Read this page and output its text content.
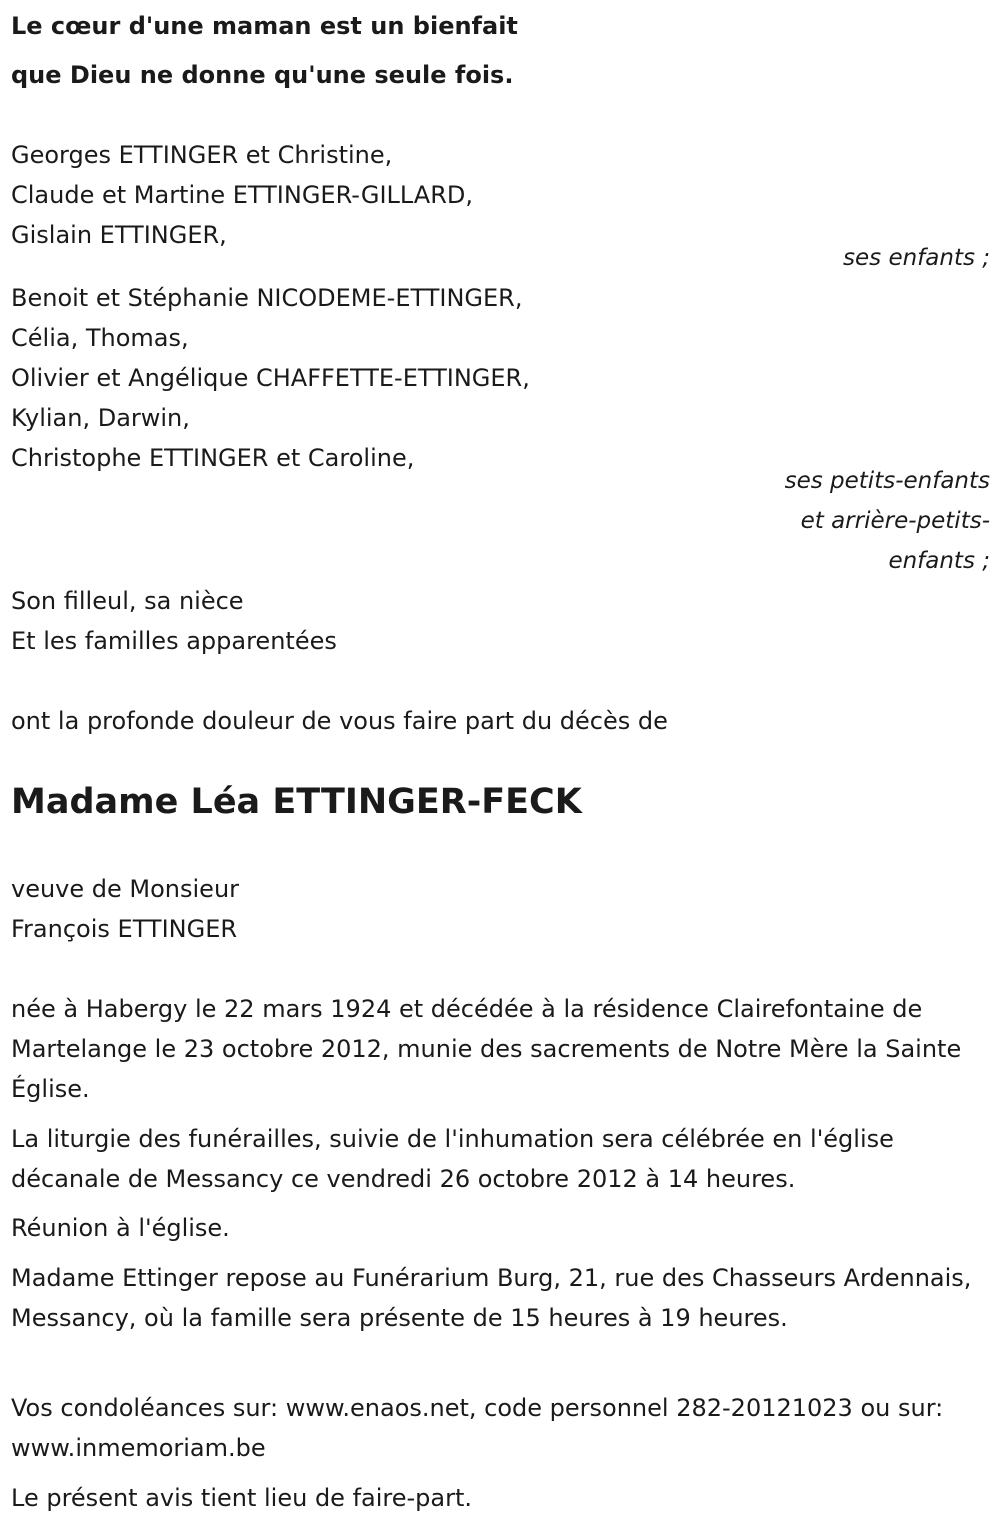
Le cœur d'une maman est un bienfait
que Dieu ne donne qu'une seule fois.
Georges ETTINGER et Christine,
Claude et Martine ETTINGER-GILLARD,
Gislain ETTINGER,
ses enfants ;
Benoit et Stéphanie NICODEME-ETTINGER,
Célia, Thomas,
Olivier et Angélique CHAFFETTE-ETTINGER,
Kylian, Darwin,
Christophe ETTINGER et Caroline,
ses petits-enfants
et arrière-petits-
enfants ;
Son filleul, sa nièce
Et les familles apparentées
ont la profonde douleur de vous faire part du décès de
Madame Léa ETTINGER-FECK
veuve de Monsieur
François ETTINGER
née à Habergy le 22 mars 1924 et décédée à la résidence Clairefontaine de Martelange le 23 octobre 2012, munie des sacrements de Notre Mère la Sainte Église.
La liturgie des funérailles, suivie de l'inhumation sera célébrée en l'église décanale de Messancy ce vendredi 26 octobre 2012 à 14 heures.
Réunion à l'église.
Madame Ettinger repose au Funérarium Burg, 21, rue des Chasseurs Ardennais, Messancy, où la famille sera présente de 15 heures à 19 heures.
Vos condoléances sur: www.enaos.net, code personnel 282-20121023 ou sur: www.inmemoriam.be
Le présent avis tient lieu de faire-part.
